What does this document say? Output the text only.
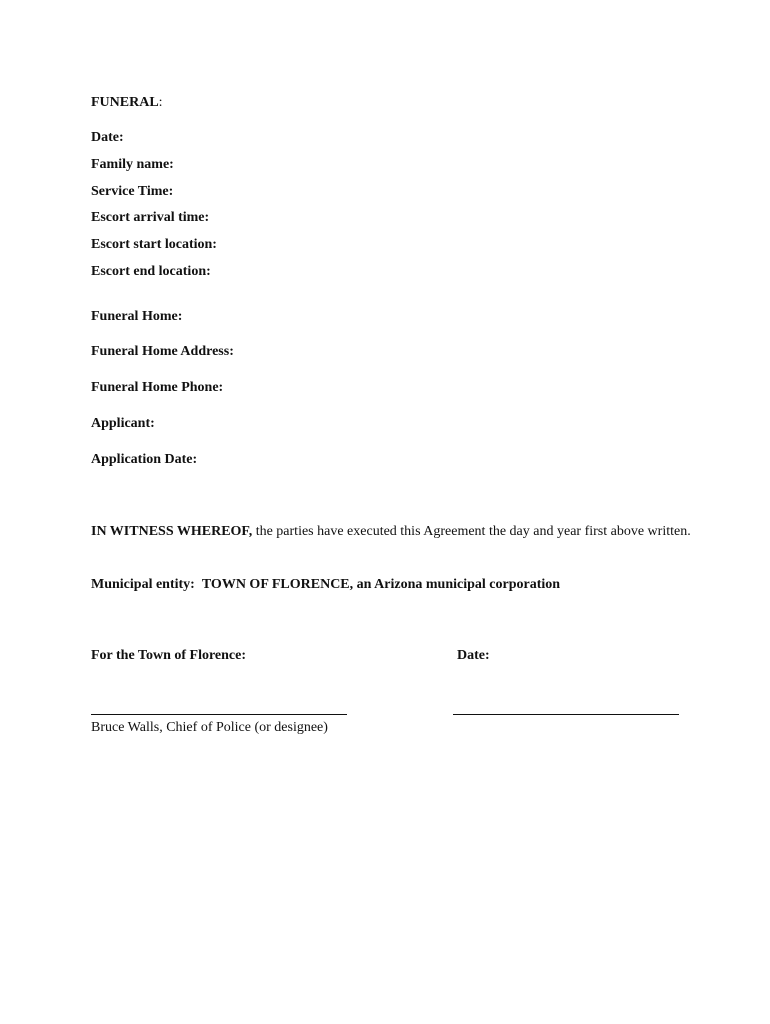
FUNERAL:
Date:
Family name:
Service Time:
Escort arrival time:
Escort start location:
Escort end location:
Funeral Home:
Funeral Home Address:
Funeral Home Phone:
Applicant:
Application Date:
IN WITNESS WHEREOF, the parties have executed this Agreement the day and year first above written.
Municipal entity: TOWN OF FLORENCE, an Arizona municipal corporation
For the Town of Florence:	Date:
Bruce Walls, Chief of Police (or designee)
